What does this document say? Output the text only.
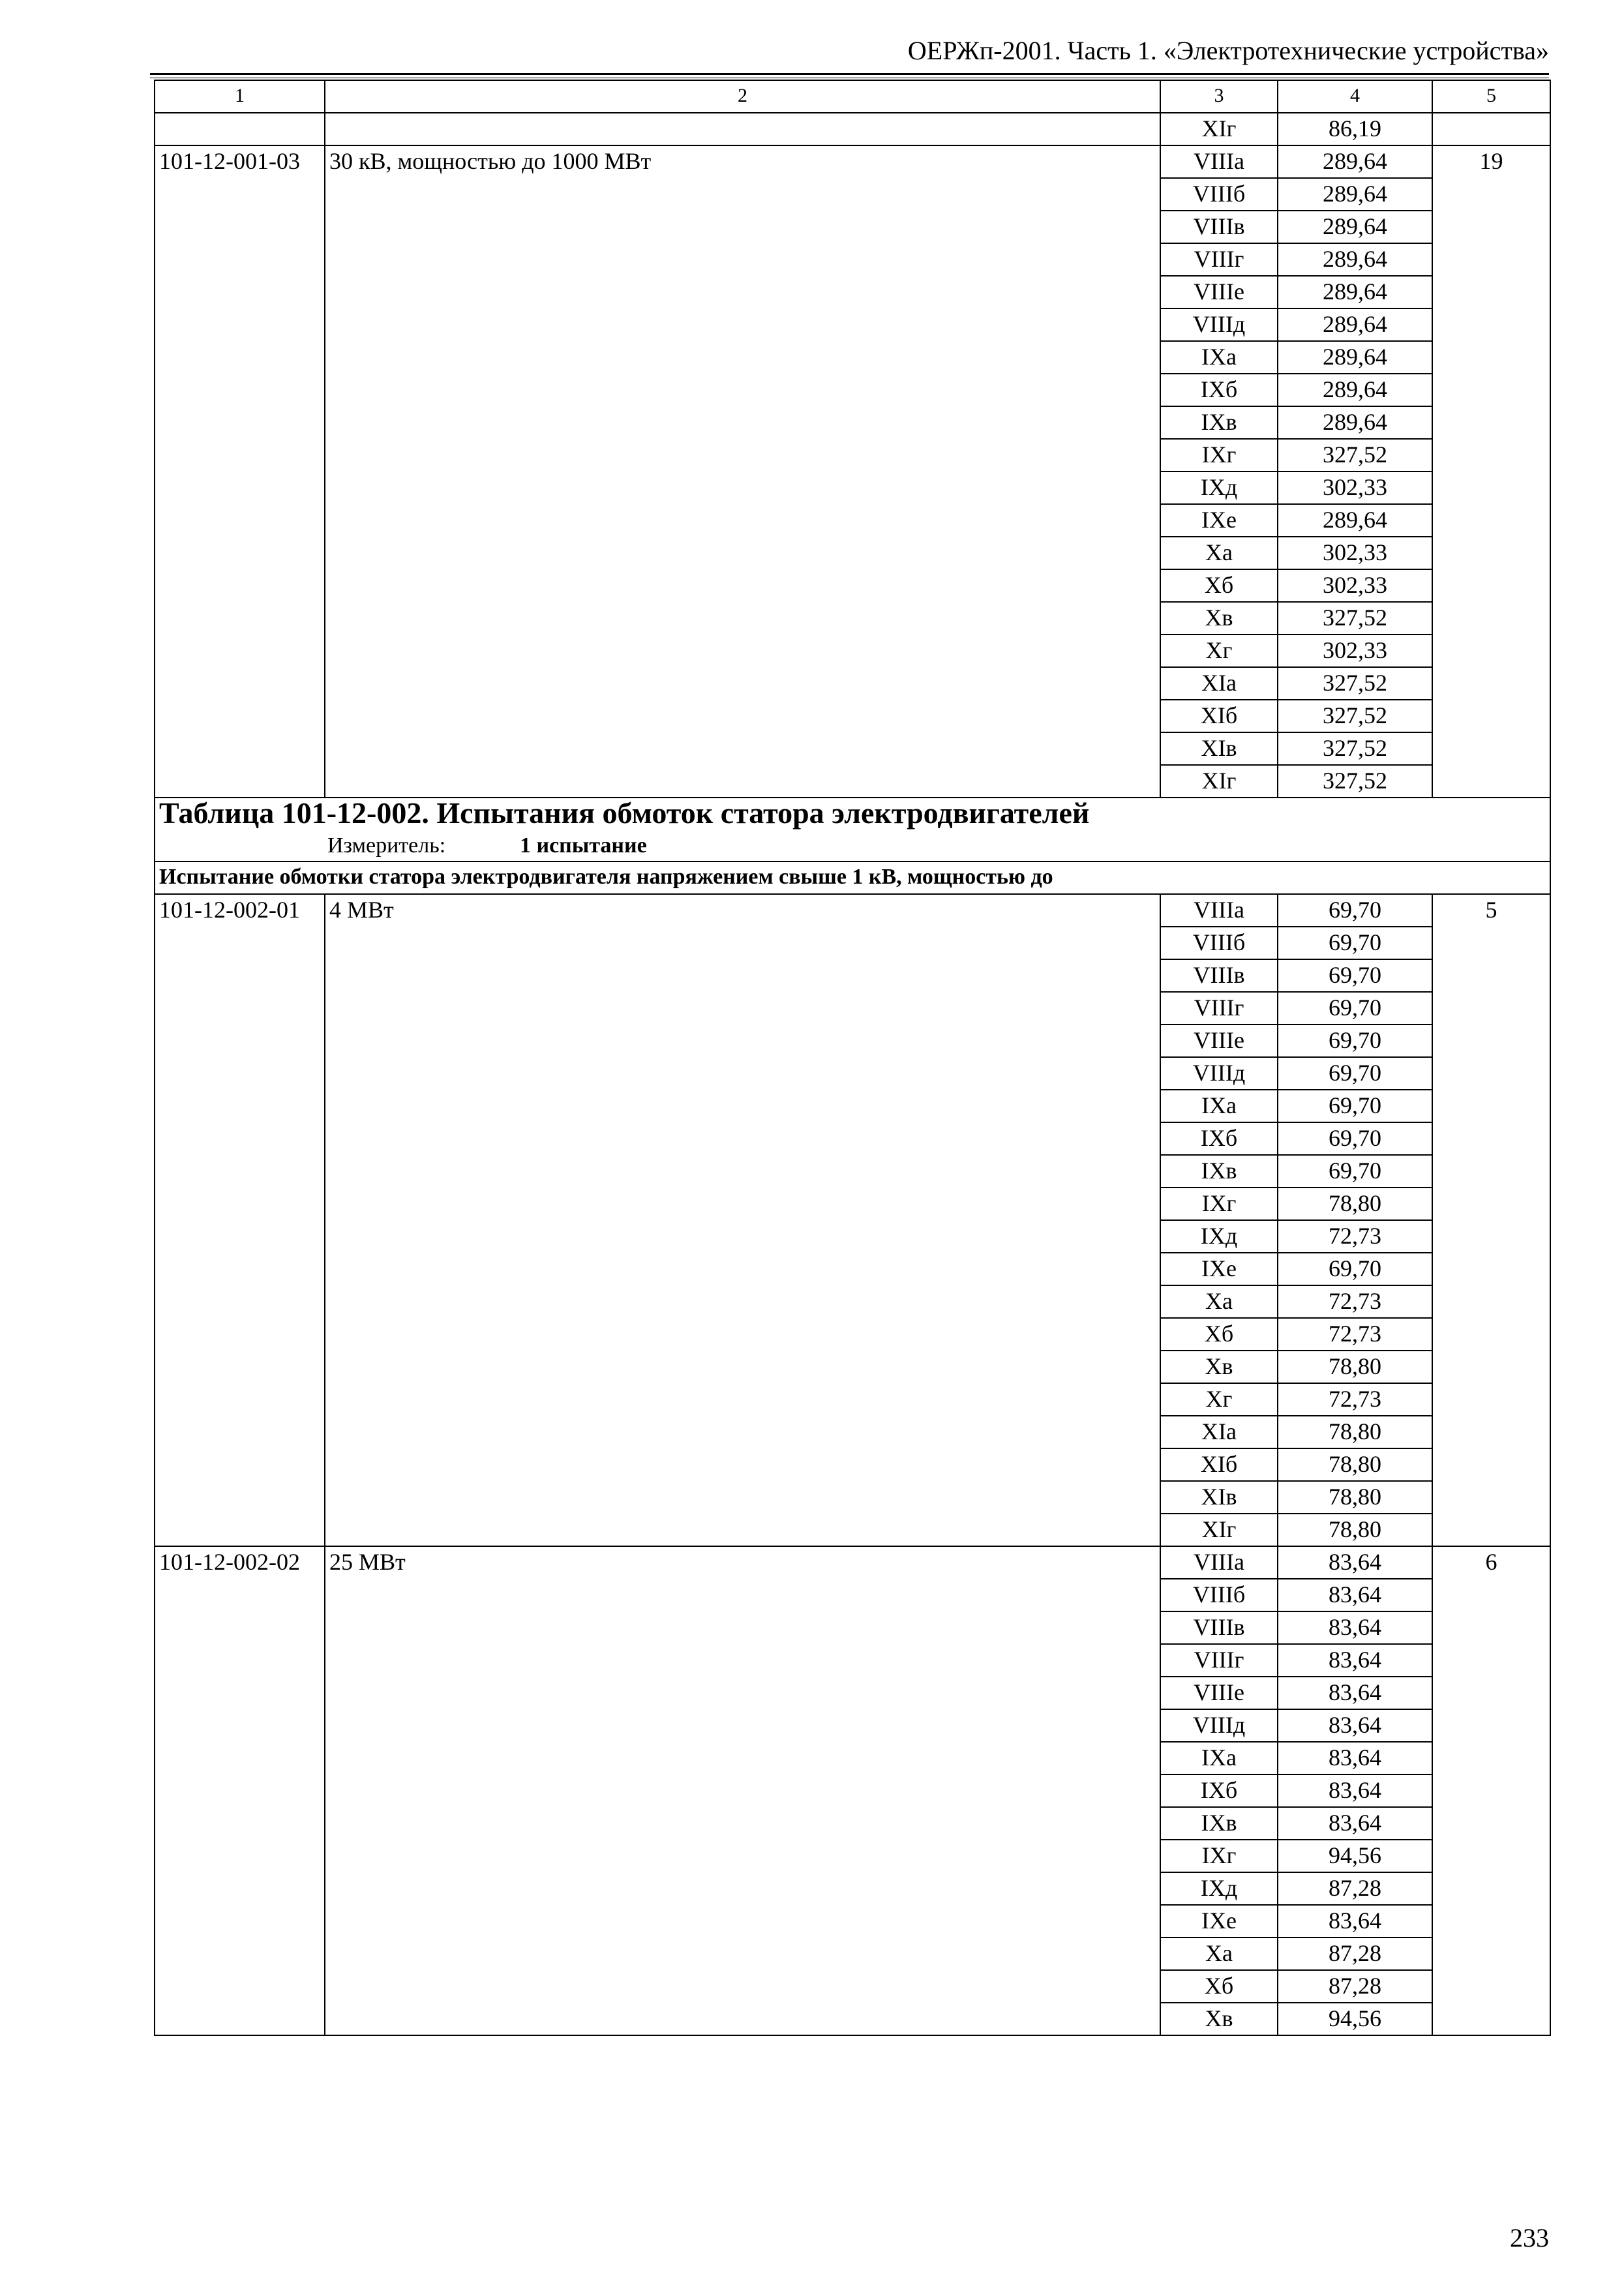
ОЕРЖп-2001. Часть 1. «Электротехнические устройства»
1	2	3	4	5
		XIг	86,19	
101-12-001-03	30 кВ, мощностью до 1000 МВт	VIIIa	289,64	19
		VIIIб	289,64	
		VIIIв	289,64	
		VIIIг	289,64	
		VIIIe	289,64	
		VIIIд	289,64	
		IXa	289,64	
		IXб	289,64	
		IXв	289,64	
		IXг	327,52	
		IXд	302,33	
		IXe	289,64	
		Xa	302,33	
		Xб	302,33	
		Xв	327,52	
		Xг	302,33	
		XIa	327,52	
		XIб	327,52	
		XIв	327,52	
		XIг	327,52	

Таблица 101-12-002. Испытания обмоток статора электродвигателей
Измеритель: 1 испытание				

Испытание обмотки статора электродвигателя напряжением свыше 1 кВ, мощностью до				
101-12-002-01	4 МВт	VIIIa	69,70	5
		VIIIб	69,70	
		VIIIв	69,70	
		VIIIг	69,70	
		VIIIe	69,70	
		VIIIд	69,70	
		IXa	69,70	
		IXб	69,70	
		IXв	69,70	
		IXг	78,80	
		IXд	72,73	
		IXe	69,70	
		Xa	72,73	
		Xб	72,73	
		Xв	78,80	
		Xг	72,73	
		XIa	78,80	
		XIб	78,80	
		XIв	78,80	
		XIг	78,80	
101-12-002-02	25 МВт	VIIIa	83,64	6
		VIIIб	83,64	
		VIIIв	83,64	
		VIIIг	83,64	
		VIIIe	83,64	
		VIIIд	83,64	
		IXa	83,64	
		IXб	83,64	
		IXв	83,64	
		IXг	94,56	
		IXд	87,28	
		IXe	83,64	
		Xa	87,28	
		Xб	87,28	
		Xв	94,56	
233
